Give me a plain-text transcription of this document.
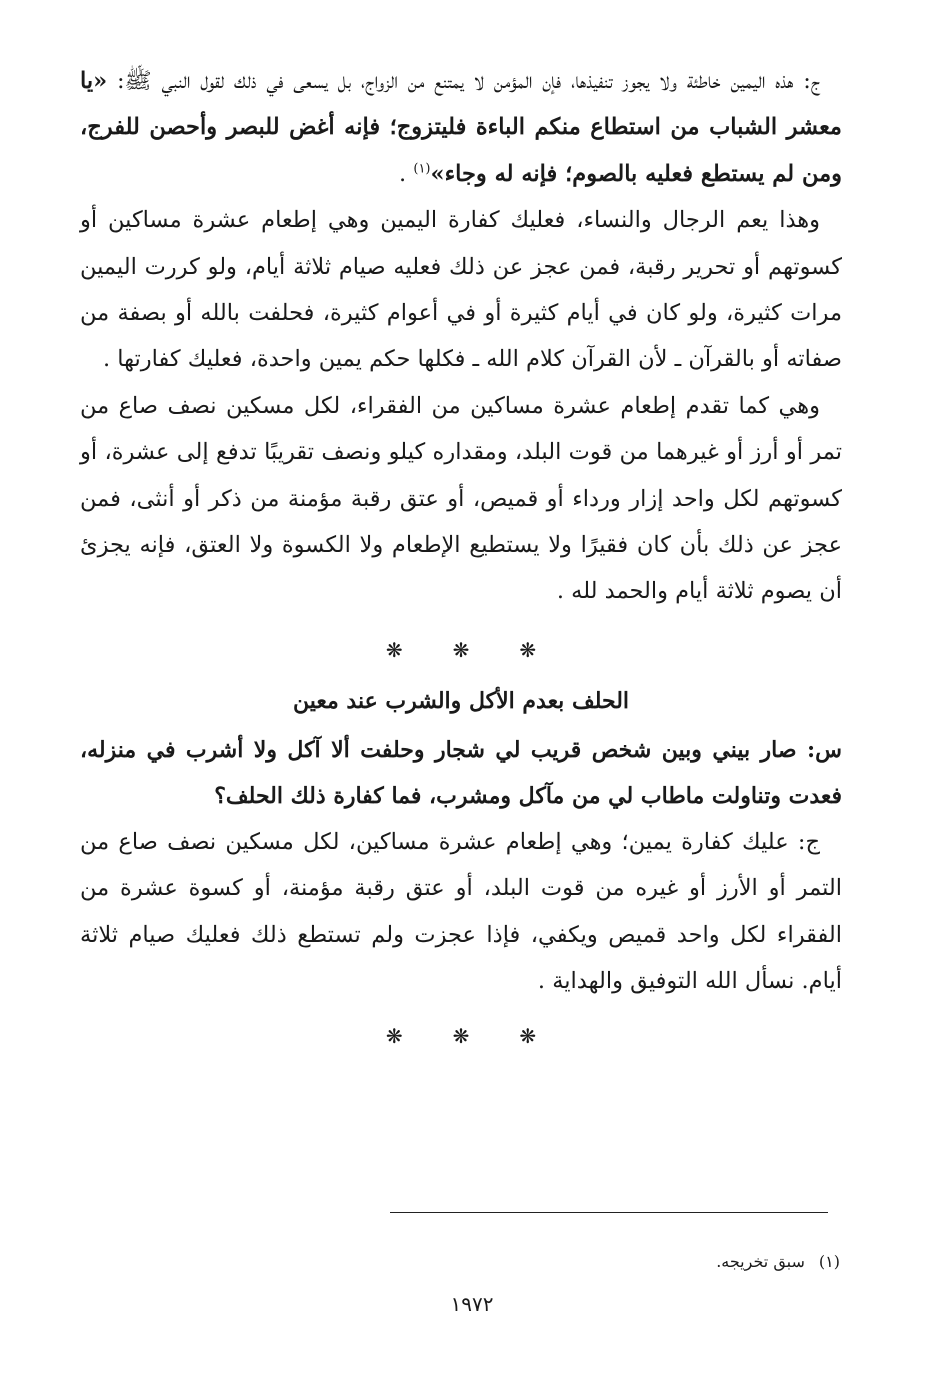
ج: هذه اليمين خاطئة ولا يجوز تنفيذها، فإن المؤمن لا يمتنع من الزواج، بل يسعى في ذلك لقول النبي ﷺ: «يا معشر الشباب من استطاع منكم الباءة فليتزوج؛ فإنه أغض للبصر وأحصن للفرج، ومن لم يستطع فعليه بالصوم؛ فإنه له وجاء»$^{(١)}$ .

وهذا يعم الرجال والنساء، فعليك كفارة اليمين وهي إطعام عشرة مساكين أو كسوتهم أو تحرير رقبة، فمن عجز عن ذلك فعليه صيام ثلاثة أيام، ولو كررت اليمين مرات كثيرة، ولو كان في أيام كثيرة أو في أعوام كثيرة، فحلفت بالله أو بصفة من صفاته أو بالقرآن ـ لأن القرآن كلام الله ـ فكلها حكم يمين واحدة، فعليك كفارتها .

وهي كما تقدم إطعام عشرة مساكين من الفقراء، لكل مسكين نصف صاع من تمر أو أرز أو غيرهما من قوت البلد، ومقداره كيلو ونصف تقريبًا تدفع إلى عشرة، أو كسوتهم لكل واحد إزار ورداء أو قميص، أو عتق رقبة مؤمنة من ذكر أو أنثى، فمن عجز عن ذلك بأن كان فقيرًا ولا يستطيع الإطعام ولا الكسوة ولا العتق، فإنه يجزئ أن يصوم ثلاثة أيام والحمد لله .

❋	❋	❋
الحلف بعدم الأكل والشرب عند معين

س: صار بيني وبين شخص قريب لي شجار وحلفت ألا آكل ولا أشرب في منزله، فعدت وتناولت ماطاب لي من مآكل ومشرب، فما كفارة ذلك الحلف؟

ج: عليك كفارة يمين؛ وهي إطعام عشرة مساكين، لكل مسكين نصف صاع من التمر أو الأرز أو غيره من قوت البلد، أو عتق رقبة مؤمنة، أو كسوة عشرة من الفقراء لكل واحد قميص ويكفي، فإذا عجزت ولم تستطع ذلك فعليك صيام ثلاثة أيام. نسأل الله التوفيق والهداية .

❋	❋	❋
(١)سبق تخريجه.
١٩٧٢
